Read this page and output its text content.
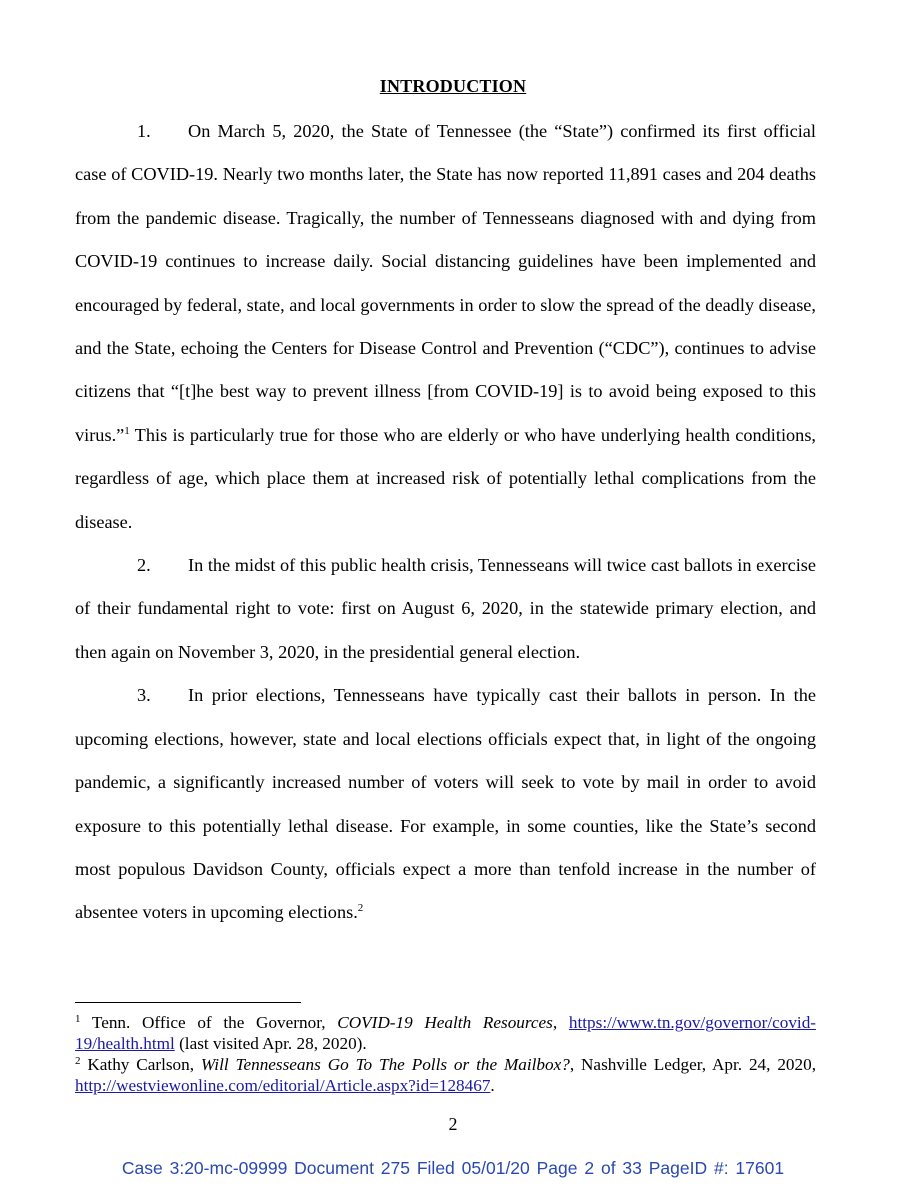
INTRODUCTION

1. On March 5, 2020, the State of Tennessee (the “State”) confirmed its first official case of COVID-19. Nearly two months later, the State has now reported 11,891 cases and 204 deaths from the pandemic disease. Tragically, the number of Tennesseans diagnosed with and dying from COVID-19 continues to increase daily. Social distancing guidelines have been implemented and encouraged by federal, state, and local governments in order to slow the spread of the deadly disease, and the State, echoing the Centers for Disease Control and Prevention (“CDC”), continues to advise citizens that “[t]he best way to prevent illness [from COVID-19] is to avoid being exposed to this virus.”$^1$ This is particularly true for those who are elderly or who have underlying health conditions, regardless of age, which place them at increased risk of potentially lethal complications from the disease.

2. In the midst of this public health crisis, Tennesseans will twice cast ballots in exercise of their fundamental right to vote: first on August 6, 2020, in the statewide primary election, and then again on November 3, 2020, in the presidential general election.

3. In prior elections, Tennesseans have typically cast their ballots in person. In the upcoming elections, however, state and local elections officials expect that, in light of the ongoing pandemic, a significantly increased number of voters will seek to vote by mail in order to avoid exposure to this potentially lethal disease. For example, in some counties, like the State’s second most populous Davidson County, officials expect a more than tenfold increase in the number of absentee voters in upcoming elections.$^2$

$^1$ Tenn. Office of the Governor, COVID-19 Health Resources, https://www.tn.gov/governor/covid-19/health.html (last visited Apr. 28, 2020).

$^2$ Kathy Carlson, Will Tennesseans Go To The Polls or the Mailbox?, Nashville Ledger, Apr. 24, 2020, http://westviewonline.com/editorial/Article.aspx?id=128467.

2
Case 3:20-mc-09999 Document 275 Filed 05/01/20 Page 2 of 33 PageID #: 17601
